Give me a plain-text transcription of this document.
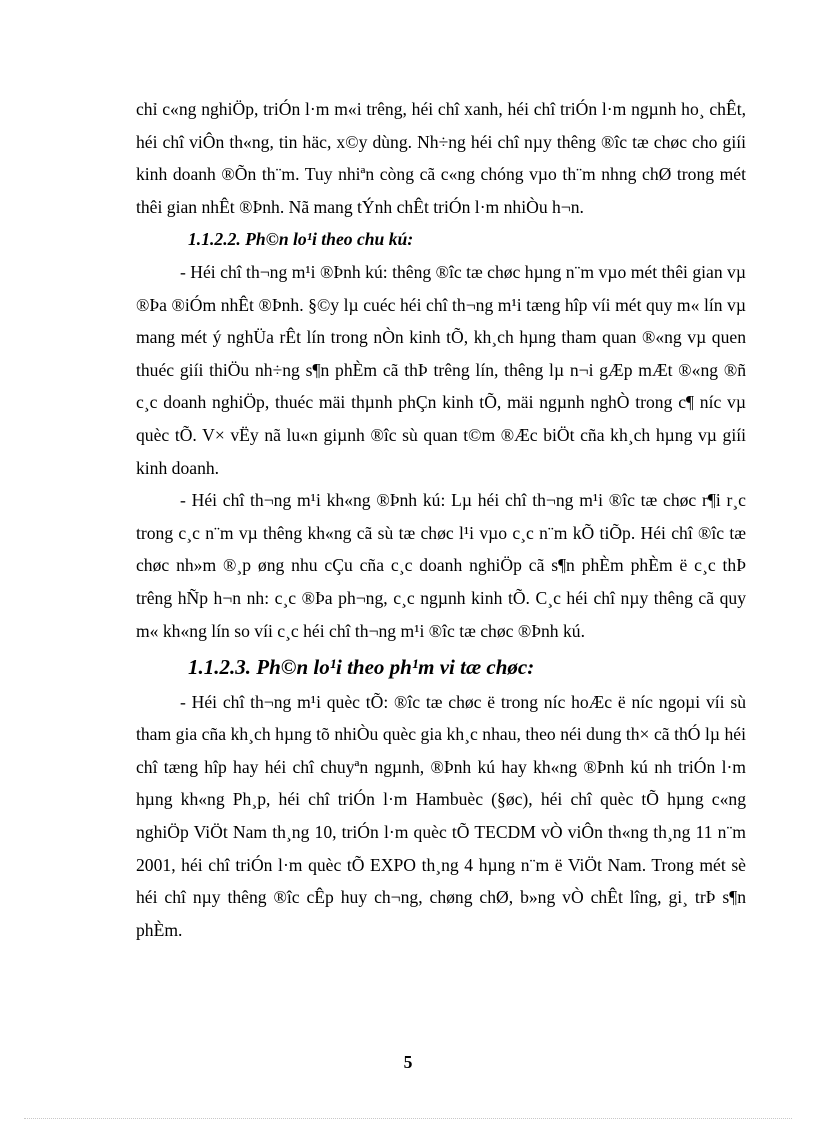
chỉ c«ng nghiÖp, triÓn l·m m«i trêng, héi chî xanh, héi chî triÓn l·m ngµnh ho¸ chÊt, héi chî viÔn th«ng, tin häc, x©y dùng. Nh÷ng héi chî nµy thêng ®îc tæ chøc cho giíi kinh doanh ®Õn th¨m. Tuy nhiªn còng cã c«ng chóng vµo th¨m nhng chØ trong mét thêi gian nhÊt ®Þnh. Nã mang tÝnh chÊt triÓn l·m nhiÒu h¬n.

1.1.2.2. Ph©n lo¹i theo chu kú:

- Héi chî th¬ng m¹i ®Þnh kú: thêng ®îc tæ chøc hµng n¨m vµo mét thêi gian vµ ®Þa ®iÓm nhÊt ®Þnh. §©y lµ cuéc héi chî th¬ng m¹i tæng hîp víi mét quy m« lín vµ mang mét ý nghÜa rÊt lín trong nÒn kinh tÕ, kh¸ch hµng tham quan ®«ng vµ quen thuéc giíi thiÖu nh÷ng s¶n phÈm cã thÞ trêng lín, thêng lµ n¬i gÆp mÆt ®«ng ®ñ c¸c doanh nghiÖp, thuéc mäi thµnh phÇn kinh tÕ, mäi ngµnh nghÒ trong c¶ níc vµ quèc tÕ. V× vËy nã lu«n giµnh ®îc sù quan t©m ®Æc biÖt cña kh¸ch hµng vµ giíi kinh doanh.

- Héi chî th¬ng m¹i kh«ng ®Þnh kú: Lµ héi chî th¬ng m¹i ®îc tæ chøc r¶i r¸c trong c¸c n¨m vµ thêng kh«ng cã sù tæ chøc l¹i vµo c¸c n¨m kÕ tiÕp. Héi chî ®îc tæ chøc nh»m ®¸p øng nhu cÇu cña c¸c doanh nghiÖp cã s¶n phÈm phÈm ë c¸c thÞ trêng hÑp h¬n nh: c¸c ®Þa ph¬ng, c¸c ngµnh kinh tÕ. C¸c héi chî nµy thêng cã quy m« kh«ng lín so víi c¸c héi chî th¬ng m¹i ®îc tæ chøc ®Þnh kú.

1.1.2.3. Ph©n lo¹i theo ph¹m vi tæ chøc:

- Héi chî th¬ng m¹i quèc tÕ: ®îc tæ chøc ë trong níc hoÆc ë níc ngoµi víi sù tham gia cña kh¸ch hµng tõ nhiÒu quèc gia kh¸c nhau, theo néi dung th× cã thÓ lµ héi chî tæng hîp hay héi chî chuyªn ngµnh, ®Þnh kú hay kh«ng ®Þnh kú nh triÓn l·m hµng kh«ng Ph¸p, héi chî triÓn l·m Hambuèc (§øc), héi chî quèc tÕ hµng c«ng nghiÖp ViÖt Nam th¸ng 10, triÓn l·m quèc tÕ TECDM vÒ viÔn th«ng th¸ng 11 n¨m 2001, héi chî triÓn l·m quèc tÕ EXPO th¸ng 4 hµng n¨m ë ViÖt Nam. Trong mét sè héi chî nµy thêng ®îc cÊp huy ch¬ng, chøng chØ, b»ng vÒ chÊt lîng, gi¸ trÞ s¶n phÈm.

5
